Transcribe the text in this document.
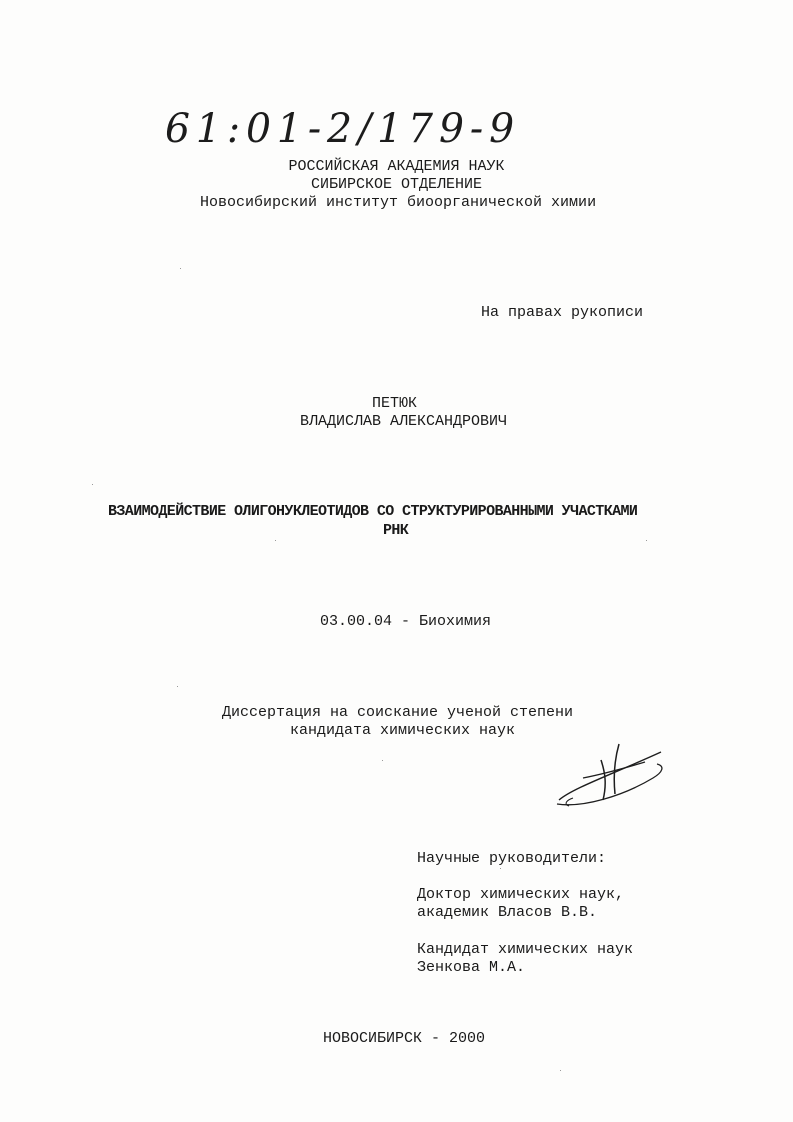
61:01-2/179-9
РОССИЙСКАЯ АКАДЕМИЯ НАУК
СИБИРСКОЕ ОТДЕЛЕНИЕ
Новосибирский институт биоорганической химии
На правах рукописи
ПЕТЮК
ВЛАДИСЛАВ АЛЕКСАНДРОВИЧ
ВЗАИМОДЕЙСТВИЕ ОЛИГОНУКЛЕОТИДОВ СО СТРУКТУРИРОВАННЫМИ УЧАСТКАМИ
РНК
03.00.04 - Биохимия
Диссертация на соискание ученой степени
кандидата химических наук
Научные руководители:
Доктор химических наук,
академик Власов В.В.
Кандидат химических наук
Зенкова М.А.
НОВОСИБИРСК - 2000
